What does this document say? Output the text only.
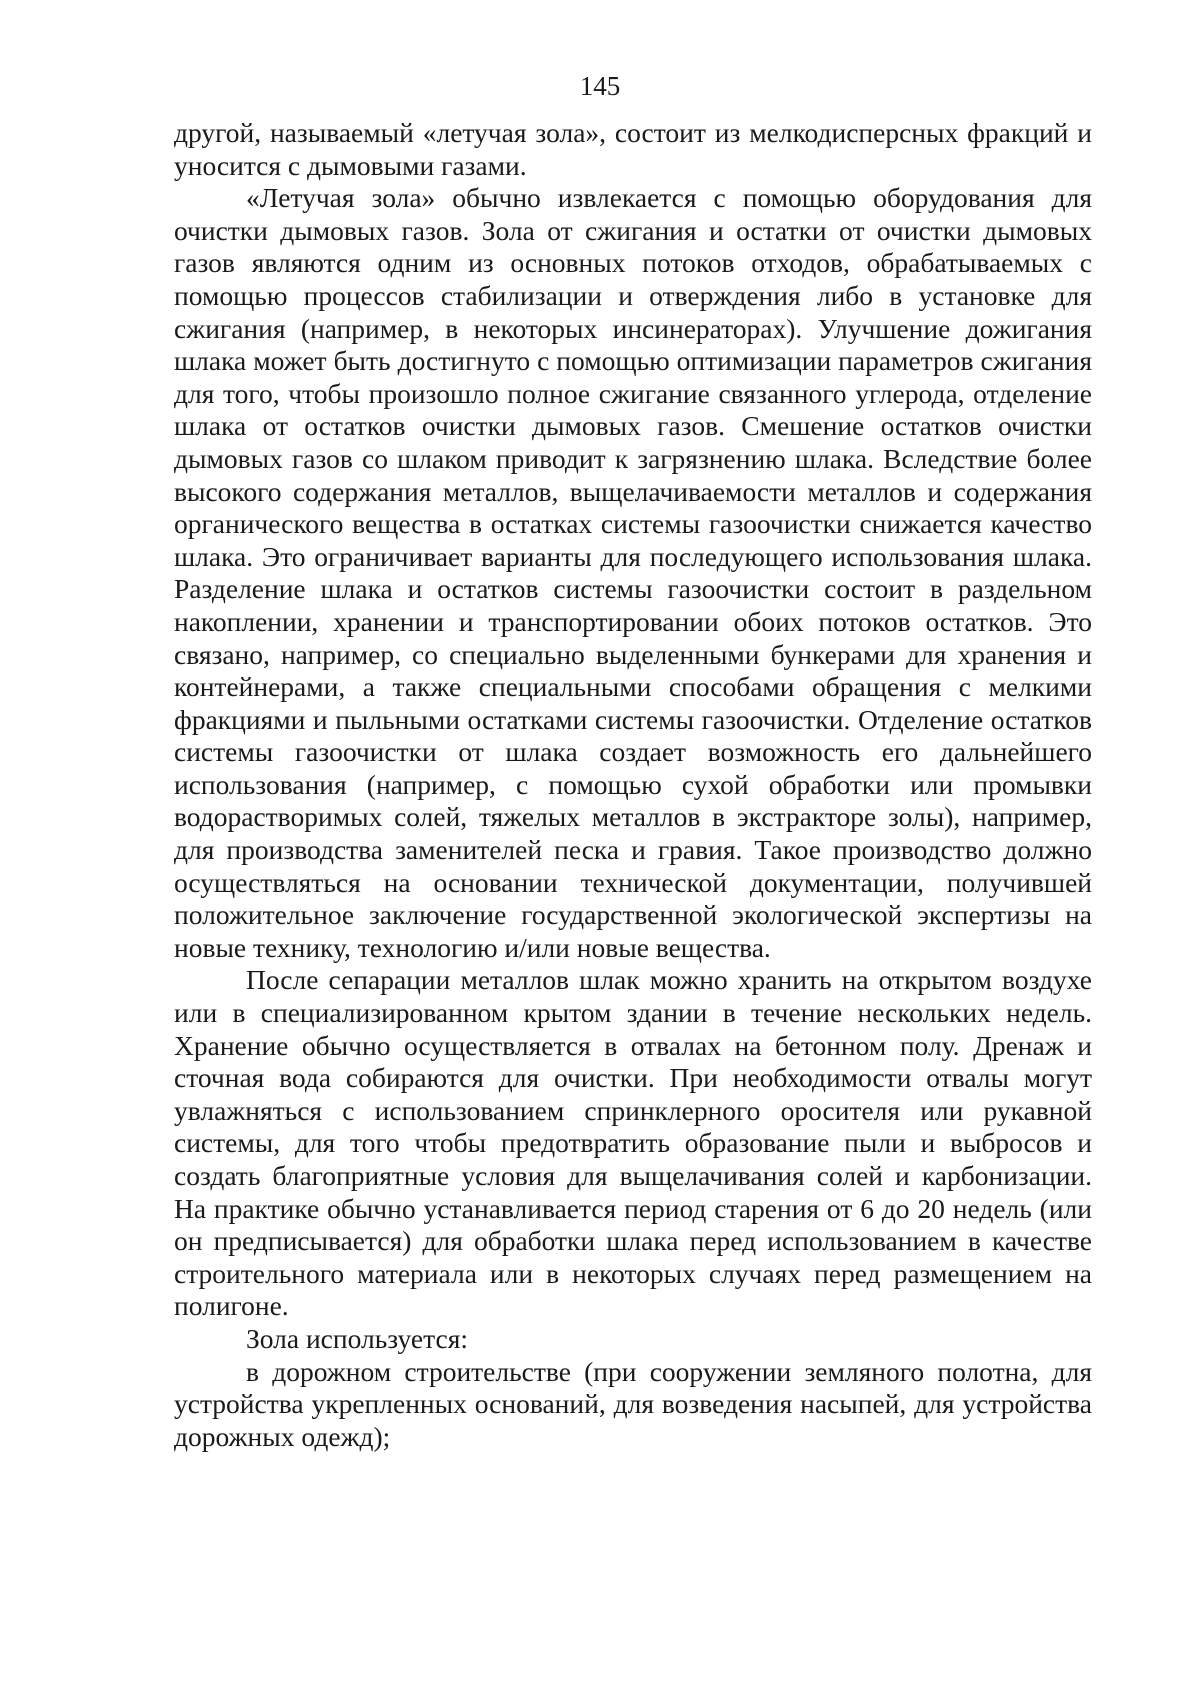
145

другой, называемый «летучая зола», состоит из мелкодисперсных фракций и уносится с дымовыми газами.

«Летучая зола» обычно извлекается с помощью оборудования для очистки дымовых газов. Зола от сжигания и остатки от очистки дымовых газов являются одним из основных потоков отходов, обрабатываемых с помощью процессов стабилизации и отверждения либо в установке для сжигания (например, в некоторых инсинераторах). Улучшение дожигания шлака может быть достигнуто с помощью оптимизации параметров сжигания для того, чтобы произошло полное сжигание связанного углерода, отделение шлака от остатков очистки дымовых газов. Смешение остатков очистки дымовых газов со шлаком приводит к загрязнению шлака. Вследствие более высокого содержания металлов, выщелачиваемости металлов и содержания органического вещества в остатках системы газоочистки снижается качество шлака. Это ограничивает варианты для последующего использования шлака. Разделение шлака и остатков системы газоочистки состоит в раздельном накоплении, хранении и транспортировании обоих потоков остатков. Это связано, например, со специально выделенными бункерами для хранения и контейнерами, а также специальными способами обращения с мелкими фракциями и пыльными остатками системы газоочистки. Отделение остатков системы газоочистки от шлака создает возможность его дальнейшего использования (например, с помощью сухой обработки или промывки водорастворимых солей, тяжелых металлов в экстракторе золы), например, для производства заменителей песка и гравия. Такое производство должно осуществляться на основании технической документации, получившей положительное заключение государственной экологической экспертизы на новые технику, технологию и/или новые вещества.

После сепарации металлов шлак можно хранить на открытом воздухе или в специализированном крытом здании в течение нескольких недель. Хранение обычно осуществляется в отвалах на бетонном полу. Дренаж и сточная вода собираются для очистки. При необходимости отвалы могут увлажняться с использованием спринклерного оросителя или рукавной системы, для того чтобы предотвратить образование пыли и выбросов и создать благоприятные условия для выщелачивания солей и карбонизации. На практике обычно устанавливается период старения от 6 до 20 недель (или он предписывается) для обработки шлака перед использованием в качестве строительного материала или в некоторых случаях перед размещением на полигоне.

Зола используется:

в дорожном строительстве (при сооружении земляного полотна, для устройства укрепленных оснований, для возведения насыпей, для устройства дорожных одежд);
